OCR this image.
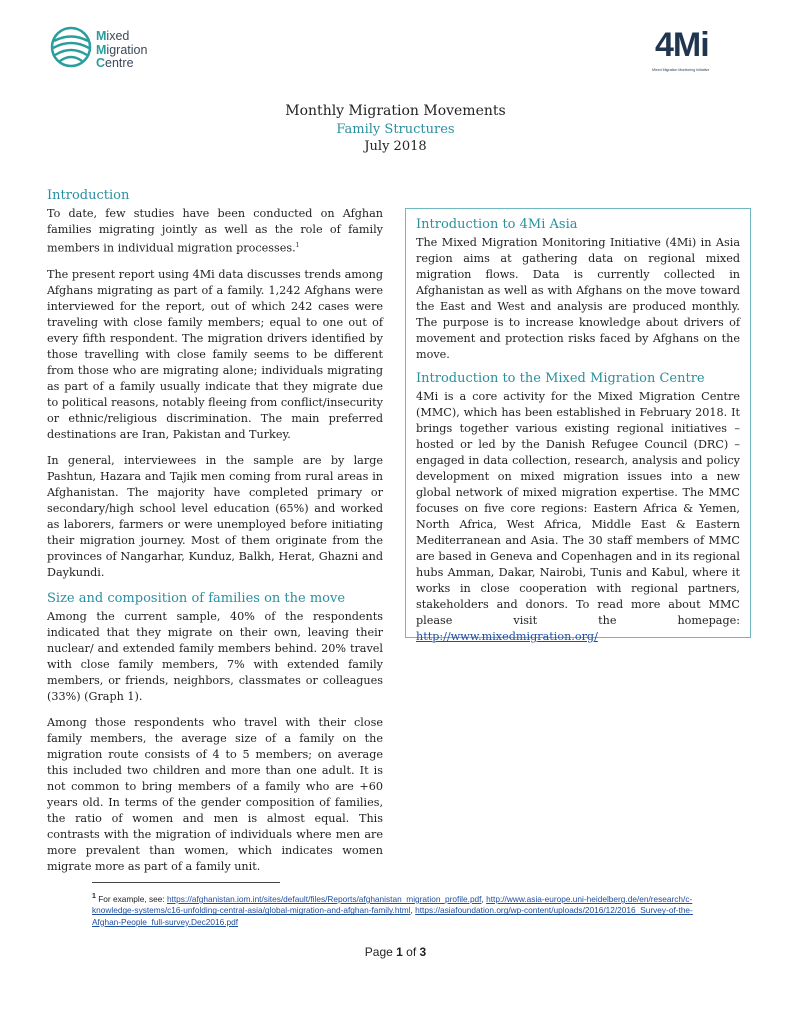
Mixed
Migration
Centre	4Mi
Mixed Migration Monitoring Initiative
Monthly Migration Movements
Family Structures
July 2018
Introduction

To date, few studies have been conducted on Afghan families migrating jointly as well as the role of family members in individual migration processes.$^1$

The present report using 4Mi data discusses trends among Afghans migrating as part of a family. 1,242 Afghans were interviewed for the report, out of which 242 cases were traveling with close family members; equal to one out of every fifth respondent. The migration drivers identified by those travelling with close family seems to be different from those who are migrating alone; individuals migrating as part of a family usually indicate that they migrate due to political reasons, notably fleeing from conflict/insecurity or ethnic/religious discrimination. The main preferred destinations are Iran, Pakistan and Turkey.

In general, interviewees in the sample are by large Pashtun, Hazara and Tajik men coming from rural areas in Afghanistan. The majority have completed primary or secondary/high school level education (65%) and worked as laborers, farmers or were unemployed before initiating their migration journey. Most of them originate from the provinces of Nangarhar, Kunduz, Balkh, Herat, Ghazni and Daykundi.

Size and composition of families on the move

Among the current sample, 40% of the respondents indicated that they migrate on their own, leaving their nuclear/ and extended family members behind. 20% travel with close family members, 7% with extended family members, or friends, neighbors, classmates or colleagues (33%) (Graph 1).

Among those respondents who travel with their close family members, the average size of a family on the migration route consists of 4 to 5 members; on average this included two children and more than one adult. It is not common to bring members of a family who are +60 years old. In terms of the gender composition of families, the ratio of women and men is almost equal. This contrasts with the migration of individuals where men are more prevalent than women, which indicates women migrate more as part of a family unit.

Introduction to 4Mi Asia

The Mixed Migration Monitoring Initiative (4Mi) in Asia region aims at gathering data on regional mixed migration flows. Data is currently collected in Afghanistan as well as with Afghans on the move toward the East and West and analysis are produced monthly. The purpose is to increase knowledge about drivers of movement and protection risks faced by Afghans on the move.

Introduction to the Mixed Migration Centre

4Mi is a core activity for the Mixed Migration Centre (MMC), which has been established in February 2018. It brings together various existing regional initiatives – hosted or led by the Danish Refugee Council (DRC) – engaged in data collection, research, analysis and policy development on mixed migration issues into a new global network of mixed migration expertise. The MMC focuses on five core regions: Eastern Africa & Yemen, North Africa, West Africa, Middle East & Eastern Mediterranean and Asia. The 30 staff members of MMC are based in Geneva and Copenhagen and in its regional hubs Amman, Dakar, Nairobi, Tunis and Kabul, where it works in close cooperation with regional partners, stakeholders and donors. To read more about MMC please visit the homepage: http://www.mixedmigration.org/

$^1$ For example, see: https://afghanistan.iom.int/sites/default/files/Reports/afghanistan_migration_profile.pdf, http://www.asia-europe.uni-heidelberg.de/en/research/c-knowledge-systems/c16-unfolding-central-asia/global-migration-and-afghan-family.html, https://asiafoundation.org/wp-content/uploads/2016/12/2016_Survey-of-the-Afghan-People_full-survey.Dec2016.pdf
Page 1 of 3
